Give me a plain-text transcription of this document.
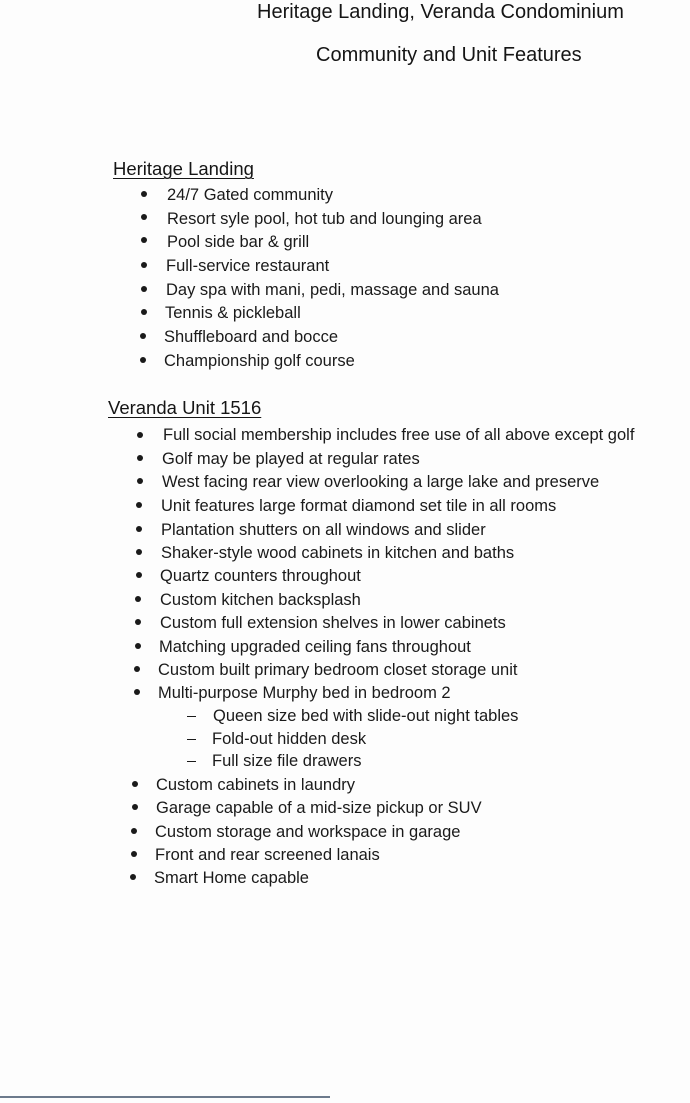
Heritage Landing, Veranda Condominium
Community and Unit Features
Heritage Landing
24/7 Gated community
Resort syle pool, hot tub and lounging area
Pool side bar & grill
Full-service restaurant
Day spa with mani, pedi, massage and sauna
Tennis & pickleball
Shuffleboard and bocce
Championship golf course
Veranda Unit 1516
Full social membership includes free use of all above except golf
Golf may be played at regular rates
West facing rear view overlooking a large lake and preserve
Unit features large format diamond set tile in all rooms
Plantation shutters on all windows and slider
Shaker-style wood cabinets in kitchen and baths
Quartz counters throughout
Custom kitchen backsplash
Custom full extension shelves in lower cabinets
Matching upgraded ceiling fans throughout
Custom built primary bedroom closet storage unit
Multi-purpose Murphy bed in bedroom 2
Queen size bed with slide-out night tables
Fold-out hidden desk
Full size file drawers
Custom cabinets in laundry
Garage capable of a mid-size pickup or SUV
Custom storage and workspace in garage
Front and rear screened lanais
Smart Home capable
